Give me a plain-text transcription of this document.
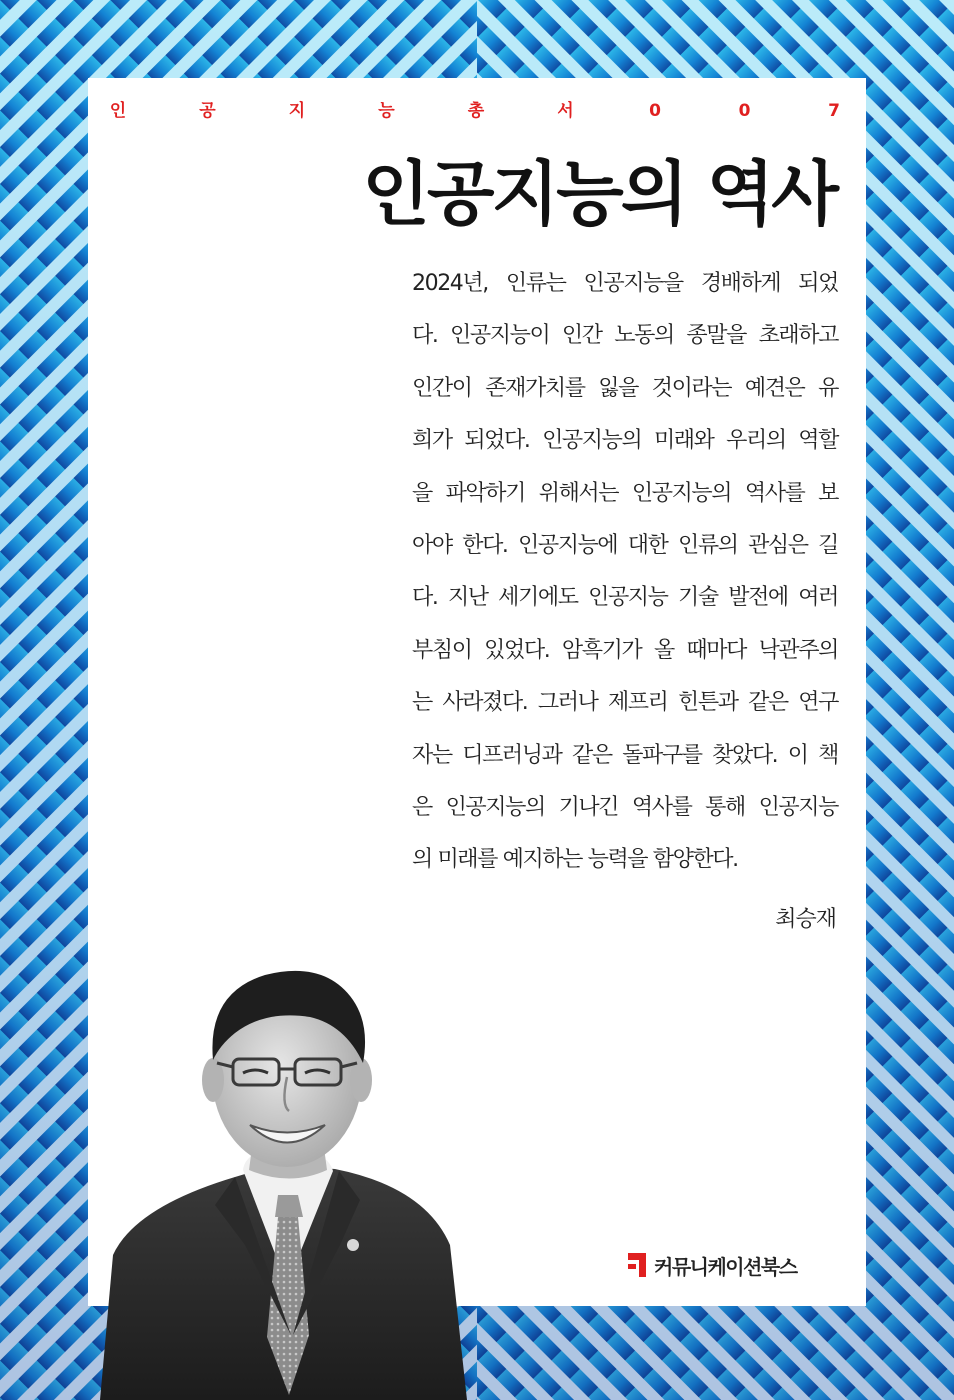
인	공	지	능	총	서	0	0	7
인공지능의 역사
2024년, 인류는 인공지능을 경배하게 되었
다. 인공지능이 인간 노동의 종말을 초래하고
인간이 존재가치를 잃을 것이라는 예견은 유
희가 되었다. 인공지능의 미래와 우리의 역할
을 파악하기 위해서는 인공지능의 역사를 보
아야 한다. 인공지능에 대한 인류의 관심은 길
다. 지난 세기에도 인공지능 기술 발전에 여러
부침이 있었다. 암흑기가 올 때마다 낙관주의
는 사라졌다. 그러나 제프리 힌튼과 같은 연구
자는 디프러닝과 같은 돌파구를 찾았다. 이 책
은 인공지능의 기나긴 역사를 통해 인공지능
의 미래를 예지하는 능력을 함양한다.
최승재
커뮤니케이션북스
